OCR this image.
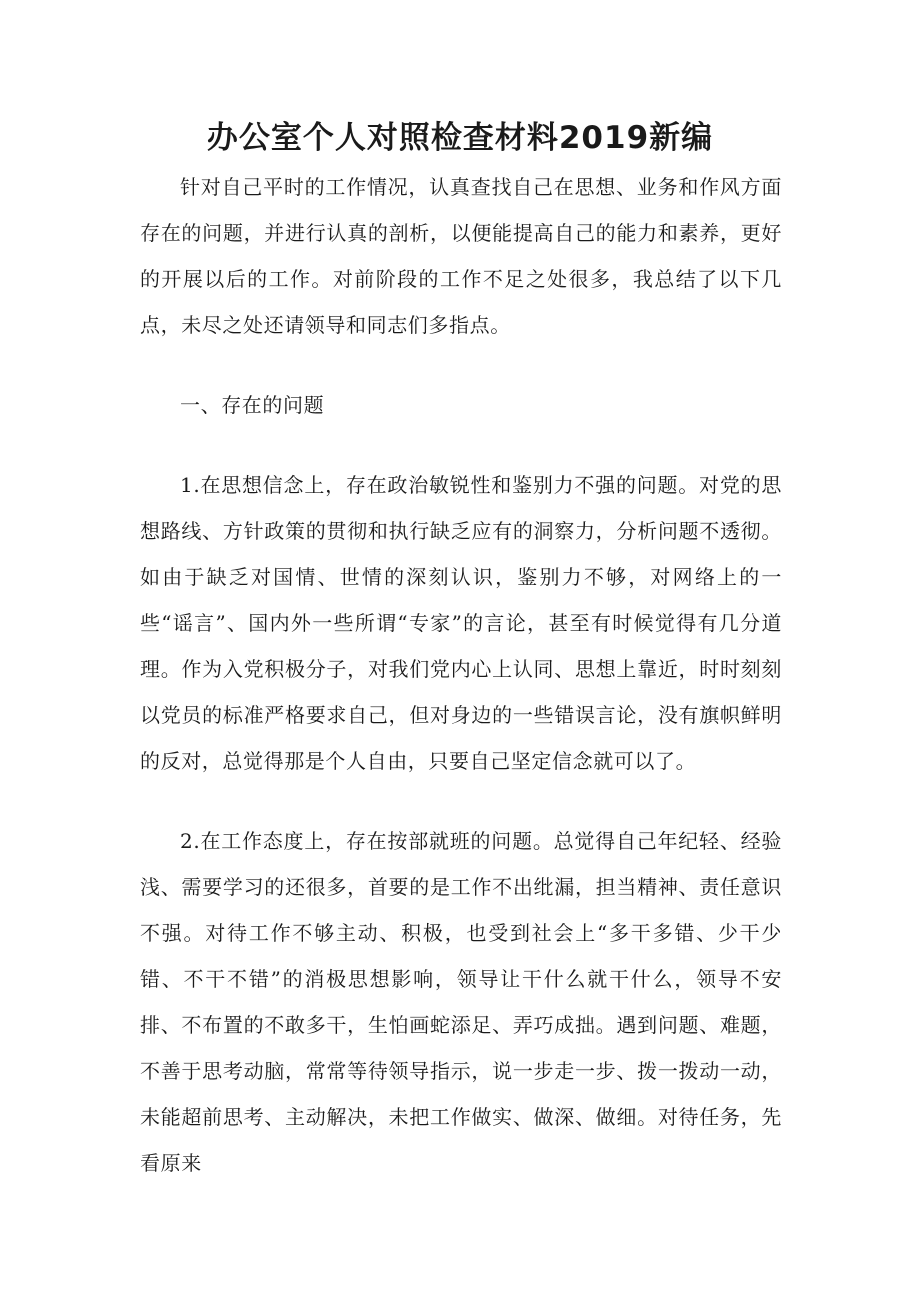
办公室个人对照检查材料2019新编

针对自己平时的工作情况，认真查找自己在思想、业务和作风方面存在的问题，并进行认真的剖析，以便能提高自己的能力和素养，更好的开展以后的工作。对前阶段的工作不足之处很多，我总结了以下几点，未尽之处还请领导和同志们多指点。

一、存在的问题

1.在思想信念上，存在政治敏锐性和鉴别力不强的问题。对党的思想路线、方针政策的贯彻和执行缺乏应有的洞察力，分析问题不透彻。如由于缺乏对国情、世情的深刻认识，鉴别力不够，对网络上的一些“谣言”、国内外一些所谓“专家”的言论，甚至有时候觉得有几分道理。作为入党积极分子，对我们党内心上认同、思想上靠近，时时刻刻以党员的标准严格要求自己，但对身边的一些错误言论，没有旗帜鲜明的反对，总觉得那是个人自由，只要自己坚定信念就可以了。

2.在工作态度上，存在按部就班的问题。总觉得自己年纪轻、经验浅、需要学习的还很多，首要的是工作不出纰漏，担当精神、责任意识不强。对待工作不够主动、积极，也受到社会上“多干多错、少干少错、不干不错”的消极思想影响，领导让干什么就干什么，领导不安排、不布置的不敢多干，生怕画蛇添足、弄巧成拙。遇到问题、难题，不善于思考动脑，常常等待领导指示，说一步走一步、拨一拨动一动，未能超前思考、主动解决，未把工作做实、做深、做细。对待任务，先看原来
